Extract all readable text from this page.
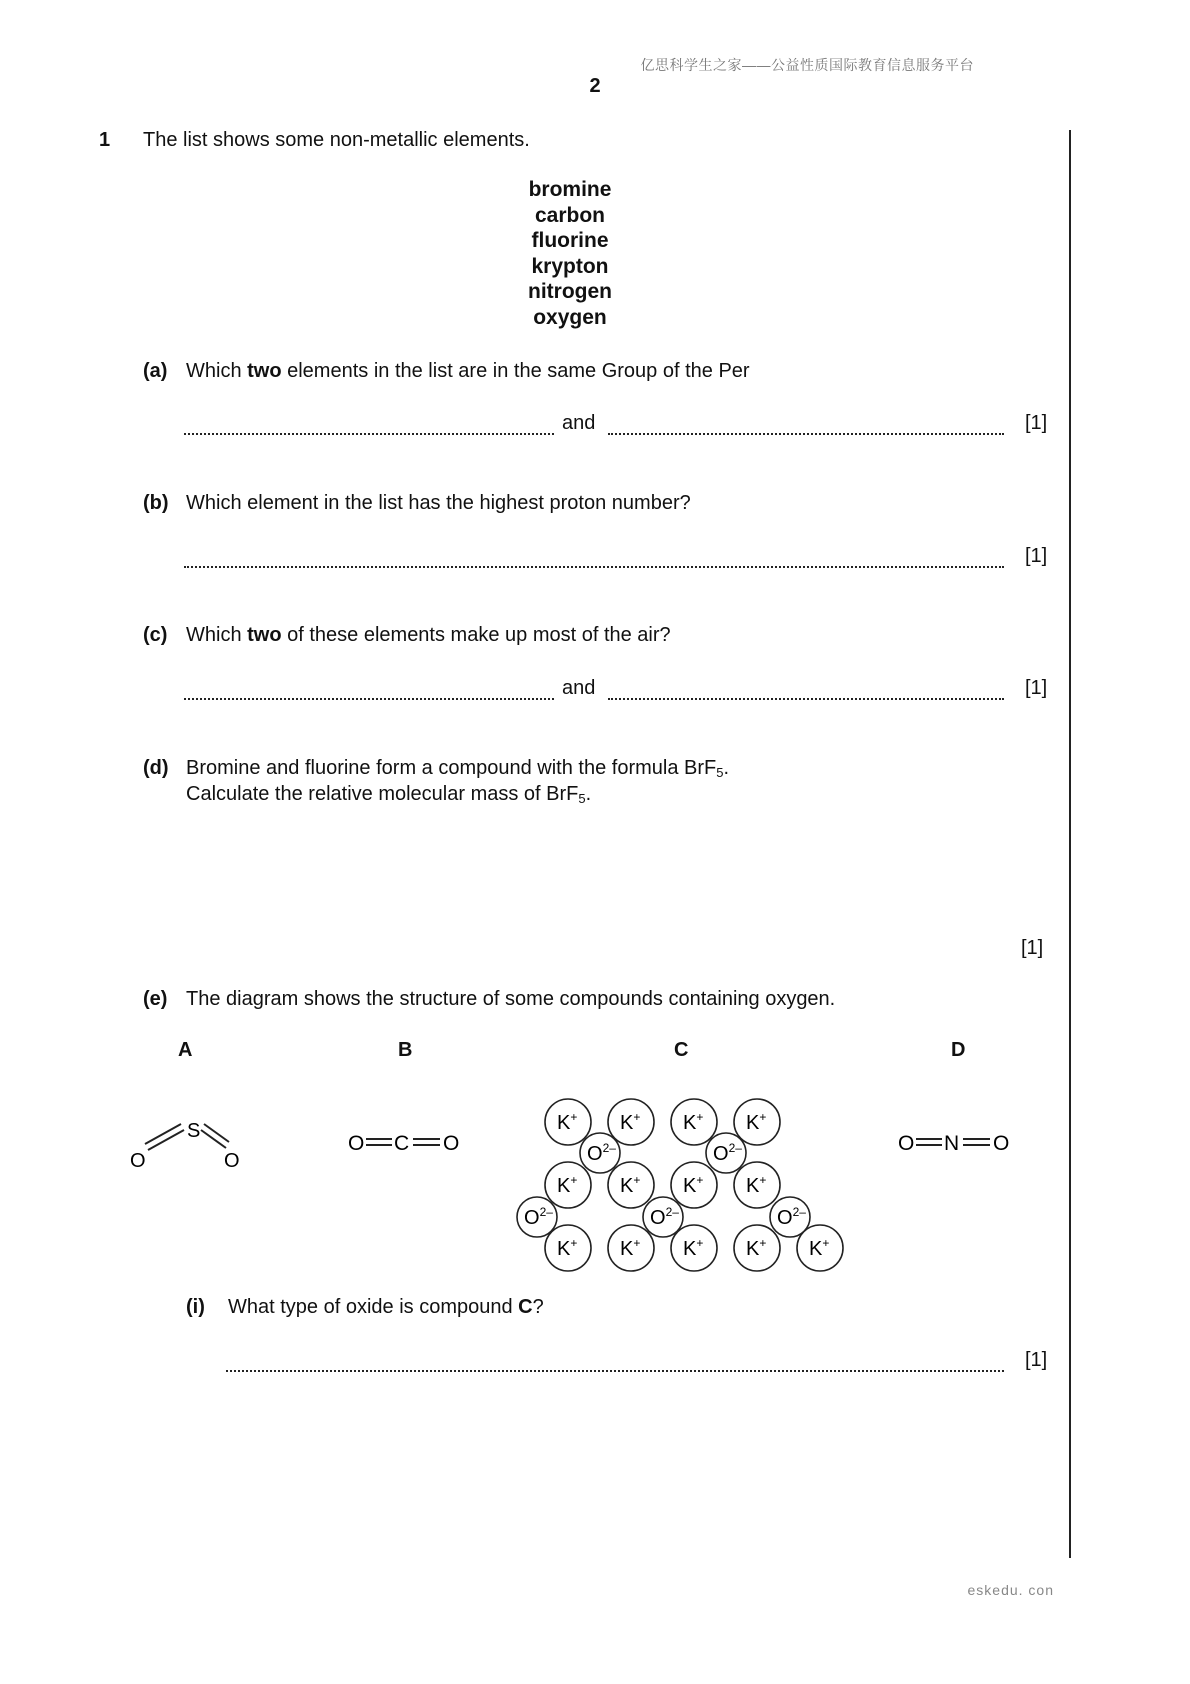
亿思科学生之家——公益性质国际教育信息服务平台
2
1 The list shows some non-metallic elements.
bromine
carbon
fluorine
krypton
nitrogen
oxygen
(a) Which two elements in the list are in the same Group of the Per
and	[1]
(b) Which element in the list has the highest proton number?
[1]
(c) Which two of these elements make up most of the air?
and	[1]
(d) Bromine and fluorine form a compound with the formula BrF$_5$.
Calculate the relative molecular mass of BrF$_5$.
[1]
(e) The diagram shows the structure of some compounds containing oxygen.
A	B	C	D
S
O	O
O C O	$O^{2-}$	$O^{2-}$
$O^{2-}$	$O^{2-}$	$O^{2-}$
K+ K+ K+ K+
K+ K+ K+ K+
K+ K+ K+ K+ K+
O N O
(i) What type of oxide is compound C?
[1]
eskedu. con
